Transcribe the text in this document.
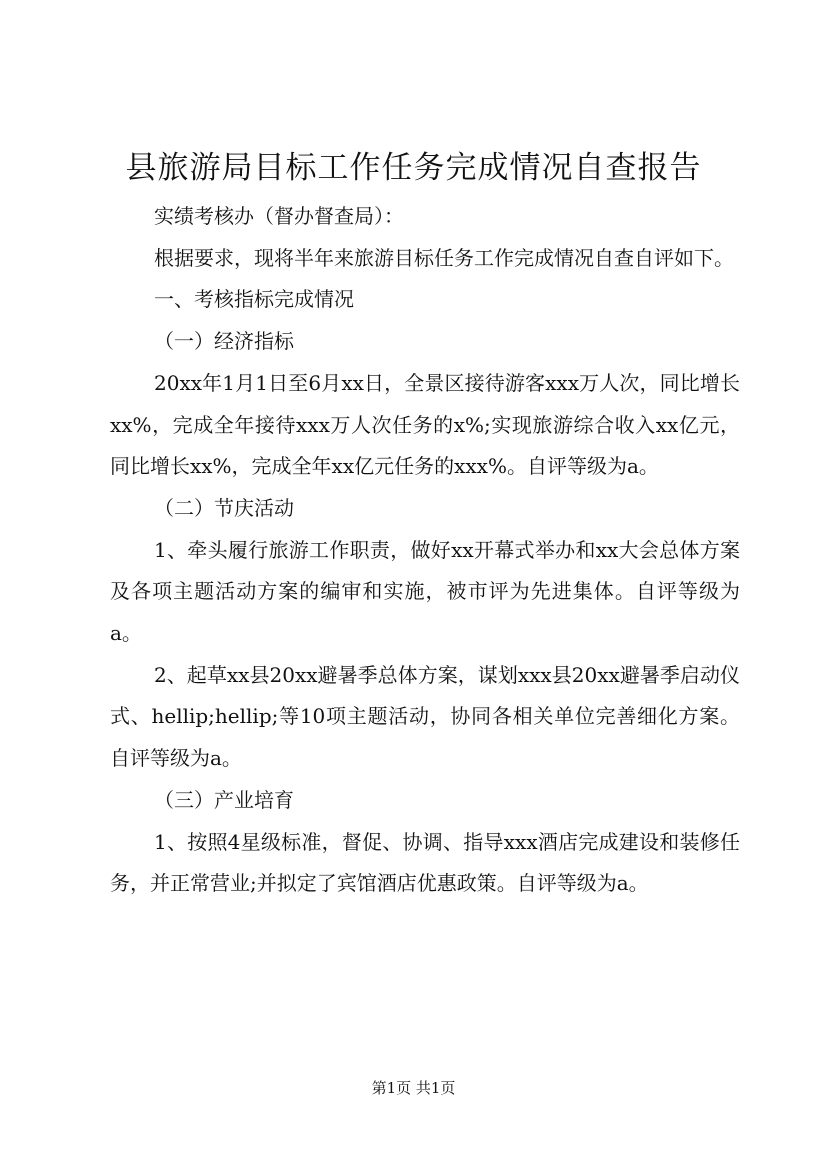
县旅游局目标工作任务完成情况自查报告

实绩考核办（督办督查局）：

根据要求，现将半年来旅游目标任务工作完成情况自查自评如下。

一、考核指标完成情况

（一）经济指标

20xx年1月1日至6月xx日，全景区接待游客xxx万人次，同比增长xx%，完成全年接待xxx万人次任务的x%;实现旅游综合收入xx亿元，同比增长xx%，完成全年xx亿元任务的xxx%。自评等级为a。

（二）节庆活动

1、牵头履行旅游工作职责，做好xx开幕式举办和xx大会总体方案及各项主题活动方案的编审和实施，被市评为先进集体。自评等级为a。

2、起草xx县20xx避暑季总体方案，谋划xxx县20xx避暑季启动仪式、hellip;hellip;等10项主题活动，协同各相关单位完善细化方案。自评等级为a。

（三）产业培育

1、按照4星级标准，督促、协调、指导xxx酒店完成建设和装修任务，并正常营业;并拟定了宾馆酒店优惠政策。自评等级为a。

第1页 共1页
